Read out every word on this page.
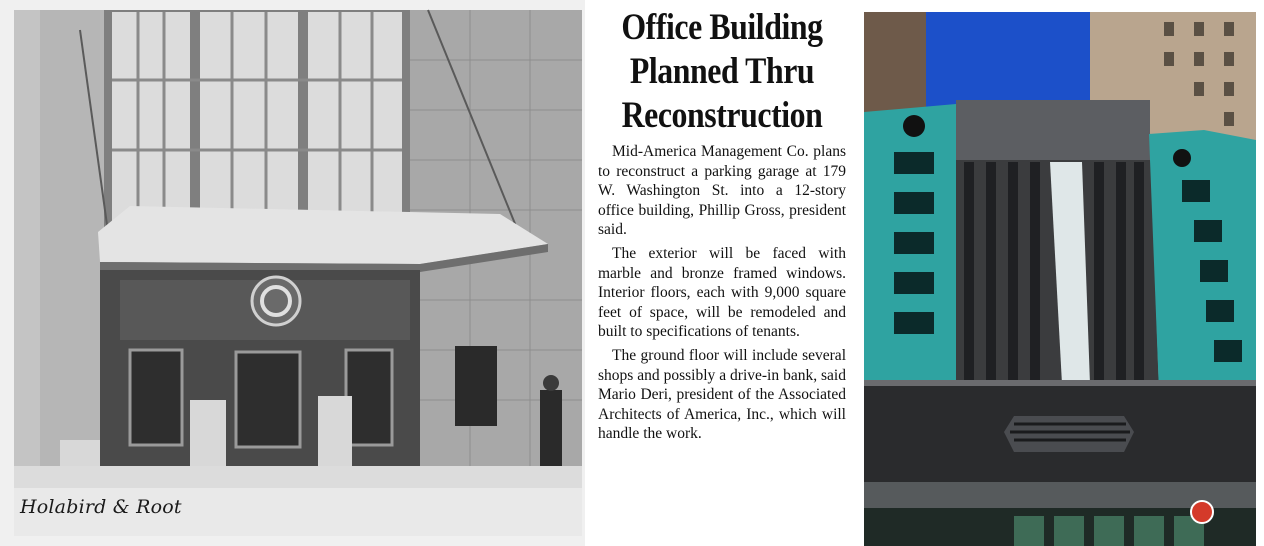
Holabird & Root
Office Building
Planned Thru
Reconstruction

Mid-America Management Co. plans to reconstruct a parking garage at 179 W. Washington St. into a 12-story office building, Phillip Gross, president said.

The exterior will be faced with marble and bronze framed windows. Interior floors, each with 9,000 square feet of space, will be remodeled and built to specifications of tenants.

The ground floor will include several shops and possibly a drive-in bank, said Mario Deri, president of the Associated Architects of America, Inc., which will handle the work.
